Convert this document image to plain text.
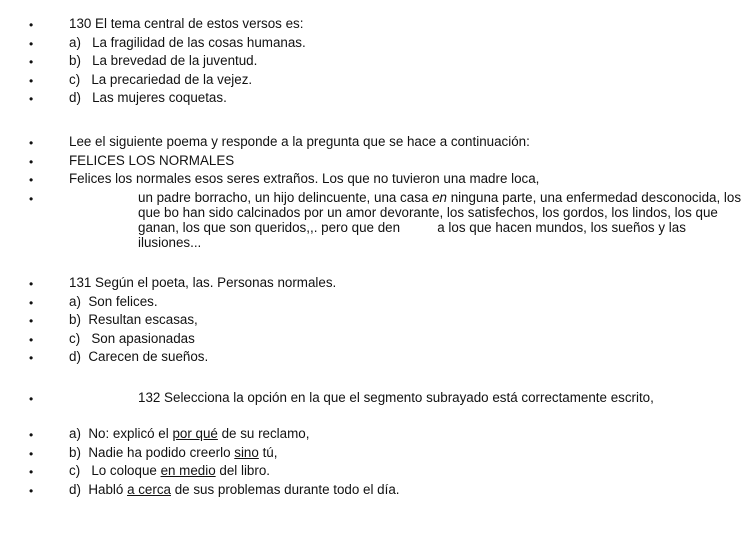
•	130 El tema central de estos versos es:
•	a)   La fragilidad de las cosas humanas.
•	b)   La brevedad de la juventud.
•	c)   La precariedad de la vejez.
•	d)   Las mujeres coquetas.
•	Lee el siguiente poema y responde a la pregunta que se hace a continuación:
•	FELICES LOS NORMALES
•	Felices los normales esos seres extraños. Los que no tuvieron una madre loca,
•	un padre borracho, un hijo delincuente, una casa en ninguna parte, una enfermedad desconocida, los que bo han sido calcinados por un amor devorante, los satisfechos, los gordos, los lindos, los que ganan, los que son queridos,,. pero que den          a los que hacen mundos, los sueños y las ilusiones...
•	131 Según el poeta, las. Personas normales.
•	a)  Son felices.
•	b)  Resultan escasas,
•	c)   Son apasionadas
•	d)  Carecen de sueños.
•	132 Selecciona la opción en la que el segmento subrayado está correctamente escrito,
•	a)  No: explicó el por qué de su reclamo,
•	b)  Nadie ha podido creerlo sino tú,
•	c)   Lo coloque en medio del libro.
•	d)  Habló a cerca de sus problemas durante todo el día.
